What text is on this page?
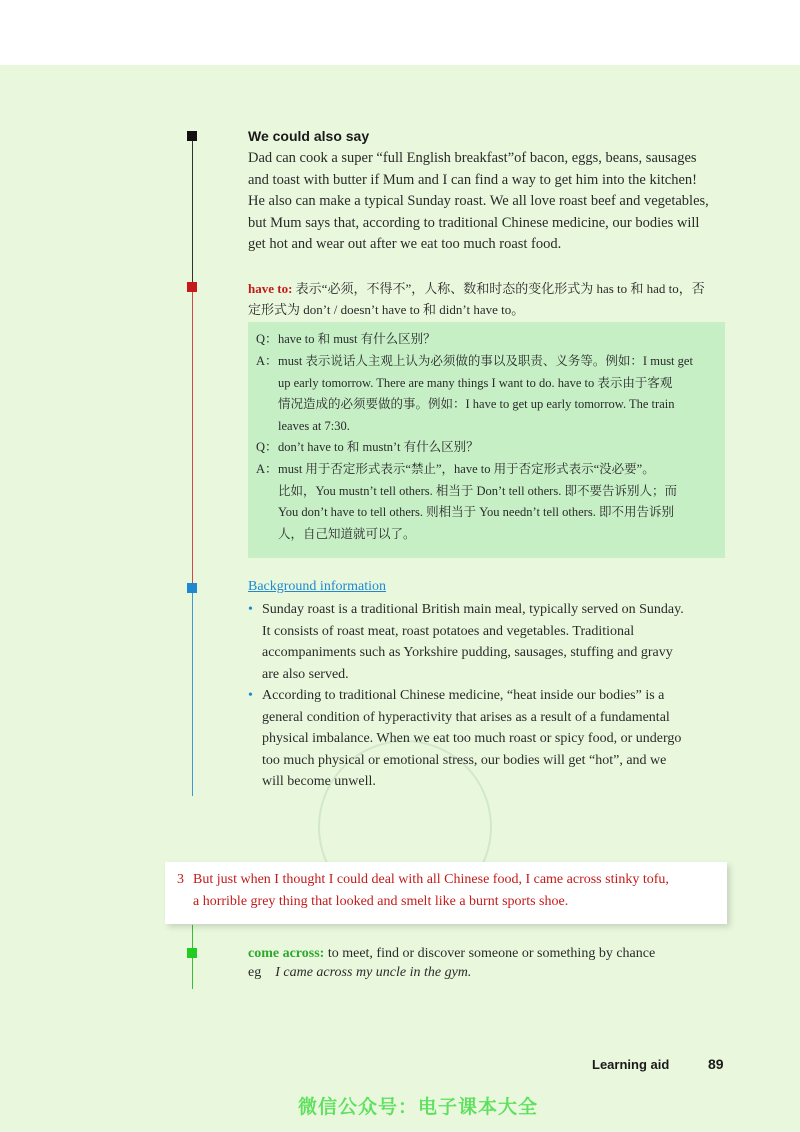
We could also say
Dad can cook a super “full English breakfast”of bacon, eggs, beans, sausages
and toast with butter if Mum and I can find a way to get him into the kitchen!
He also can make a typical Sunday roast. We all love roast beef and vegetables,
but Mum says that, according to traditional Chinese medicine, our bodies will
get hot and wear out after we eat too much roast food.
have to: 表示“必须，不得不”，人称、数和时态的变化形式为 has to 和 had to，否
定形式为 don’t / doesn’t have to 和 didn’t have to。
Q： have to 和 must 有什么区别？
A： must 表示说话人主观上认为必须做的事以及职责、义务等。例如：I must get
up early tomorrow. There are many things I want to do. have to 表示由于客观
情况造成的必须要做的事。例如：I have to get up early tomorrow. The train
leaves at 7:30.
Q： don’t have to 和 mustn’t 有什么区别？
A： must 用于否定形式表示“禁止”，have to 用于否定形式表示“没必要”。
比如，You mustn’t tell others. 相当于 Don’t tell others. 即不要告诉别人；而
You don’t have to tell others. 则相当于 You needn’t tell others. 即不用告诉别
人，自己知道就可以了。
Background information
• Sunday roast is a traditional British main meal, typically served on Sunday.
It consists of roast meat, roast potatoes and vegetables. Traditional
accompaniments such as Yorkshire pudding, sausages, stuffing and gravy
are also served.
• According to traditional Chinese medicine, “heat inside our bodies” is a
general condition of hyperactivity that arises as a result of a fundamental
physical imbalance. When we eat too much roast or spicy food, or undergo
too much physical or emotional stress, our bodies will get “hot”, and we
will become unwell.
3 But just when I thought I could deal with all Chinese food, I came across stinky tofu,
a horrible grey thing that looked and smelt like a burnt sports shoe.
come across: to meet, find or discover someone or something by chance
eg I came across my uncle in the gym.
Learning aid	89
微信公众号：电子课本大全
